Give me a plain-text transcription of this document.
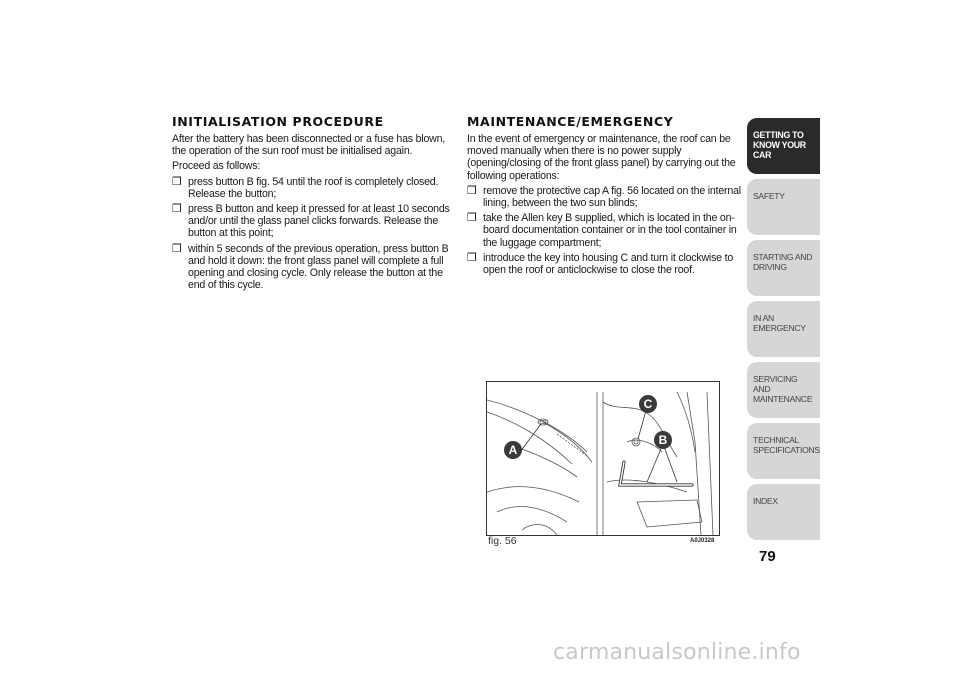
INITIALISATION PROCEDURE

After the battery has been disconnected or a fuse has blown, the operation of the sun roof must be initialised again.

Proceed as follows:

❒ press button B fig. 54 until the roof is completely closed. Release the button;

❒ press B button and keep it pressed for at least 10 seconds and/or until the glass panel clicks forwards. Release the button at this point;

❒ within 5 seconds of the previous operation, press button B and hold it down: the front glass panel will complete a full opening and closing cycle. Only release the button at the end of this cycle.

MAINTENANCE/EMERGENCY

In the event of emergency or maintenance, the roof can be moved manually when there is no power supply (opening/closing of the front glass panel) by carrying out the following operations:

❒ remove the protective cap A fig. 56 located on the internal lining, between the two sun blinds;

❒ take the Allen key B supplied, which is located in the on-board documentation container or in the tool container in the luggage compartment;

❒ introduce the key into housing C and turn it clockwise to open the roof or anticlockwise to close the roof.

A
B
C
fig. 56	A0J0328
GETTING TO KNOW YOUR CAR
SAFETY
STARTING AND DRIVING
IN AN EMERGENCY
SERVICING AND MAINTENANCE
TECHNICAL SPECIFICATIONS
INDEX
79
carmanualsonline.info
